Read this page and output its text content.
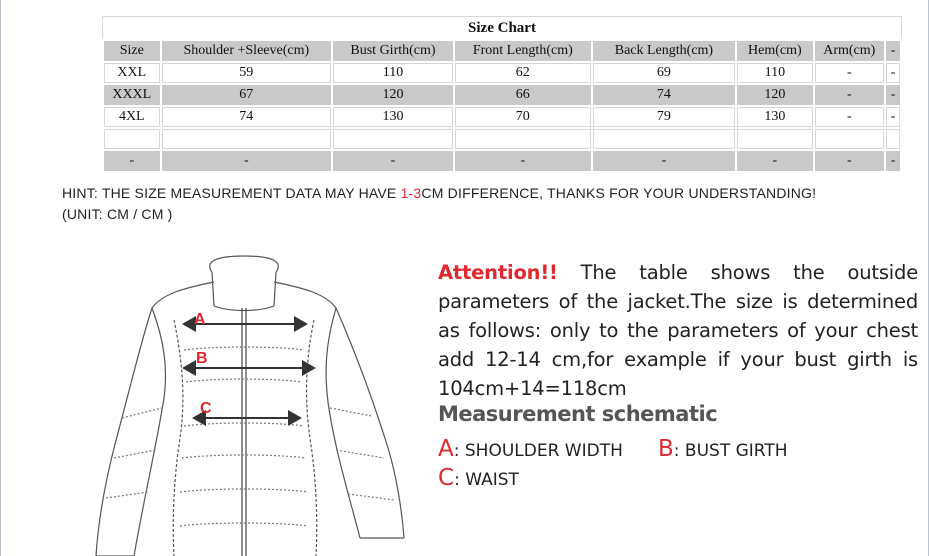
Size Chart
Size	Shoulder +Sleeve(cm)	Bust Girth(cm)	Front Length(cm)	Back Length(cm)	Hem(cm)	Arm(cm)	-
XXL	59	110	62	69	110	-	-
XXXL	67	120	66	74	120	-	-
4XL	74	130	70	79	130	-	-

-	-	-	-	-	-	-	-
HINT: THE SIZE MEASUREMENT DATA MAY HAVE 1-3CM DIFFERENCE, THANKS FOR YOUR UNDERSTANDING!
(UNIT: CM / CM )
A
B
C
Attention!! The table shows the outside parameters of the jacket.The size is determined as follows: only to the parameters of your chest add 12-14 cm,for example if your bust girth is 104cm+14=118cm
Measurement schematic
A: SHOULDER WIDTH B: BUST GIRTH
C: WAIST
